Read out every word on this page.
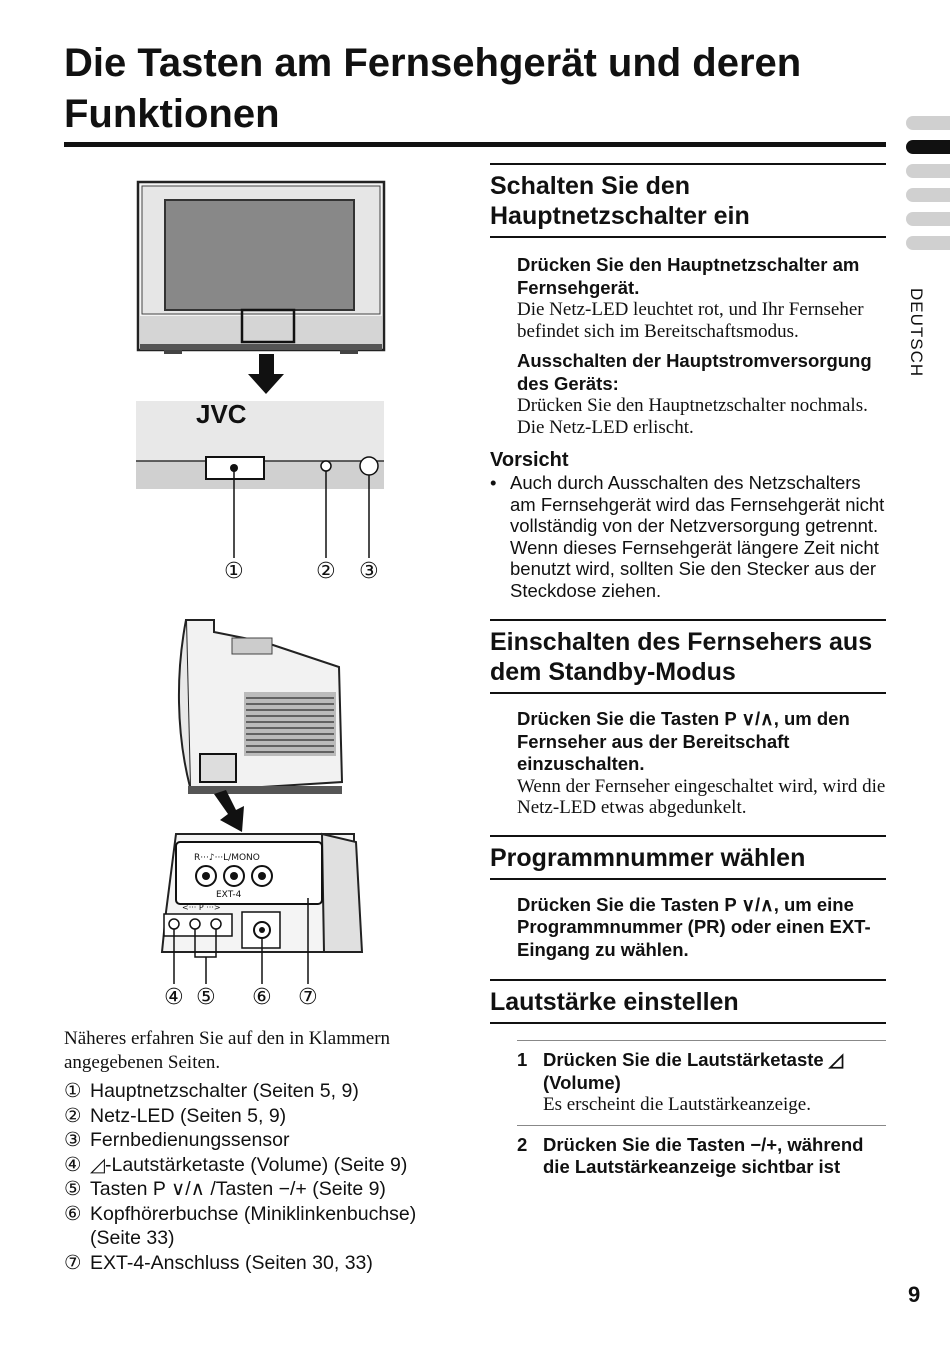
Die Tasten am Fernsehgerät und deren Funktionen
DEUTSCH
JVC
①	② ③
R···♪···L/MONO
EXT-4
<··· P ···>
④ ⑤ ⑥ ⑦
Näheres erfahren Sie auf den in Klammern angegebenen Seiten.
① Hauptnetzschalter (Seiten 5, 9)
② Netz-LED (Seiten 5, 9)
③ Fernbedienungssensor
④ ◿-Lautstärketaste (Volume) (Seite 9)
⑤ Tasten P ∨/∧ /Tasten −/+ (Seite 9)
⑥ Kopfhörerbuchse (Miniklinkenbuchse) (Seite 33)
⑦ EXT-4-Anschluss (Seiten 30, 33)
Schalten Sie den Hauptnetzschalter ein
Drücken Sie den Hauptnetzschalter am Fernsehgerät.
Die Netz-LED leuchtet rot, und Ihr Fernseher befindet sich im Bereitschaftsmodus.
Ausschalten der Hauptstromversorgung des Geräts:
Drücken Sie den Hauptnetzschalter nochmals.
Die Netz-LED erlischt.
Vorsicht
• Auch durch Ausschalten des Netzschalters am Fernsehgerät wird das Fernsehgerät nicht vollständig von der Netzversorgung getrennt. Wenn dieses Fernsehgerät längere Zeit nicht benutzt wird, sollten Sie den Stecker aus der Steckdose ziehen.
Einschalten des Fernsehers aus dem Standby-Modus
Drücken Sie die Tasten P ∨/∧, um den Fernseher aus der Bereitschaft einzuschalten.
Wenn der Fernseher eingeschaltet wird, wird die Netz-LED etwas abgedunkelt.
Programmnummer wählen
Drücken Sie die Tasten P ∨/∧, um eine Programmnummer (PR) oder einen EXT-Eingang zu wählen.
Lautstärke einstellen
1 Drücken Sie die Lautstärketaste ◿ (Volume)
Es erscheint die Lautstärkeanzeige.
2 Drücken Sie die Tasten −/+, während die Lautstärkeanzeige sichtbar ist
9
